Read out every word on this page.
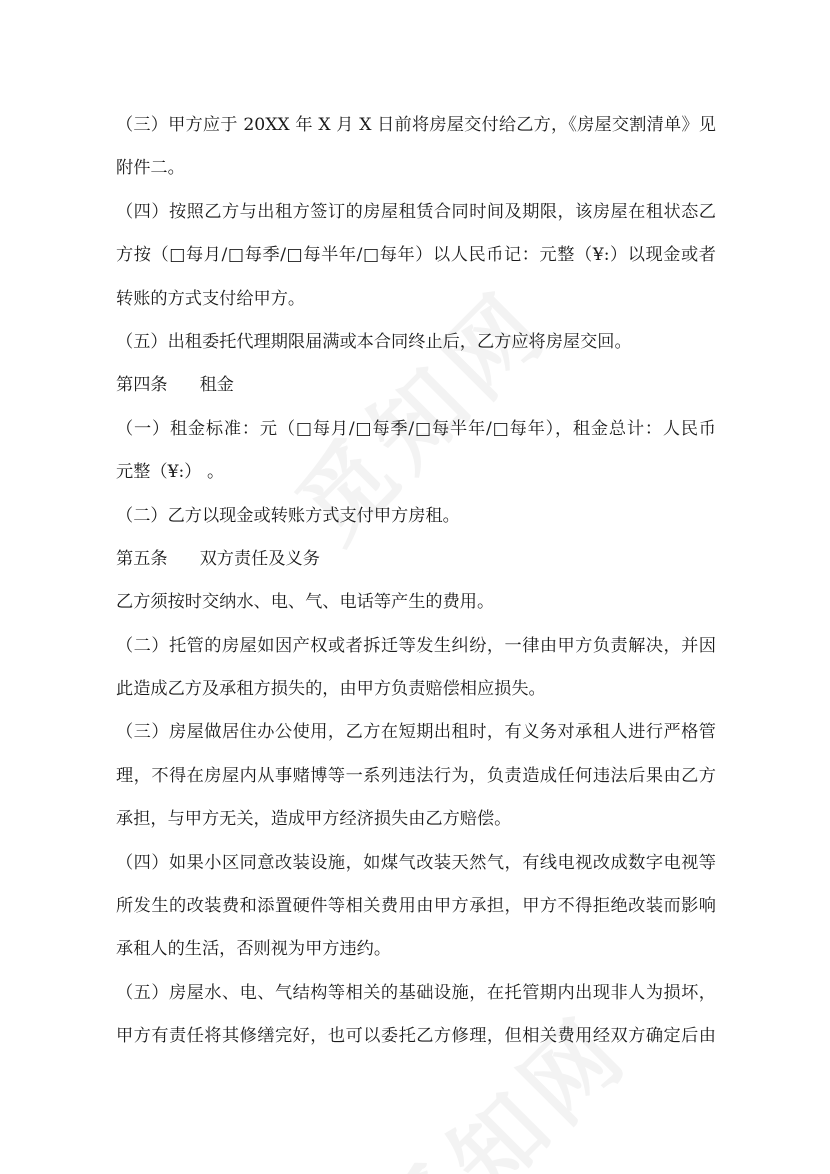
（三）甲方应于 20XX 年 X 月 X 日前将房屋交付给乙方，《房屋交割清单》见
附件二。
（四）按照乙方与出租方签订的房屋租赁合同时间及期限，该房屋在租状态乙
方按（□每月/□每季/□每半年/□每年）以人民币记：元整（¥:）以现金或者
转账的方式支付给甲方。
（五）出租委托代理期限届满或本合同终止后，乙方应将房屋交回。
第四条 租金
（一）租金标准：元（□每月/□每季/□每半年/□每年），租金总计：人民币
元整（¥:） 。
（二）乙方以现金或转账方式支付甲方房租。
第五条 双方责任及义务
乙方须按时交纳水、电、气、电话等产生的费用。
（二）托管的房屋如因产权或者拆迁等发生纠纷，一律由甲方负责解决，并因
此造成乙方及承租方损失的，由甲方负责赔偿相应损失。
（三）房屋做居住办公使用，乙方在短期出租时，有义务对承租人进行严格管
理，不得在房屋内从事赌博等一系列违法行为，负责造成任何违法后果由乙方
承担，与甲方无关，造成甲方经济损失由乙方赔偿。
（四）如果小区同意改装设施，如煤气改装天然气，有线电视改成数字电视等
所发生的改装费和添置硬件等相关费用由甲方承担，甲方不得拒绝改装而影响
承租人的生活，否则视为甲方违约。
（五）房屋水、电、气结构等相关的基础设施，在托管期内出现非人为损坏，
甲方有责任将其修缮完好，也可以委托乙方修理，但相关费用经双方确定后由
